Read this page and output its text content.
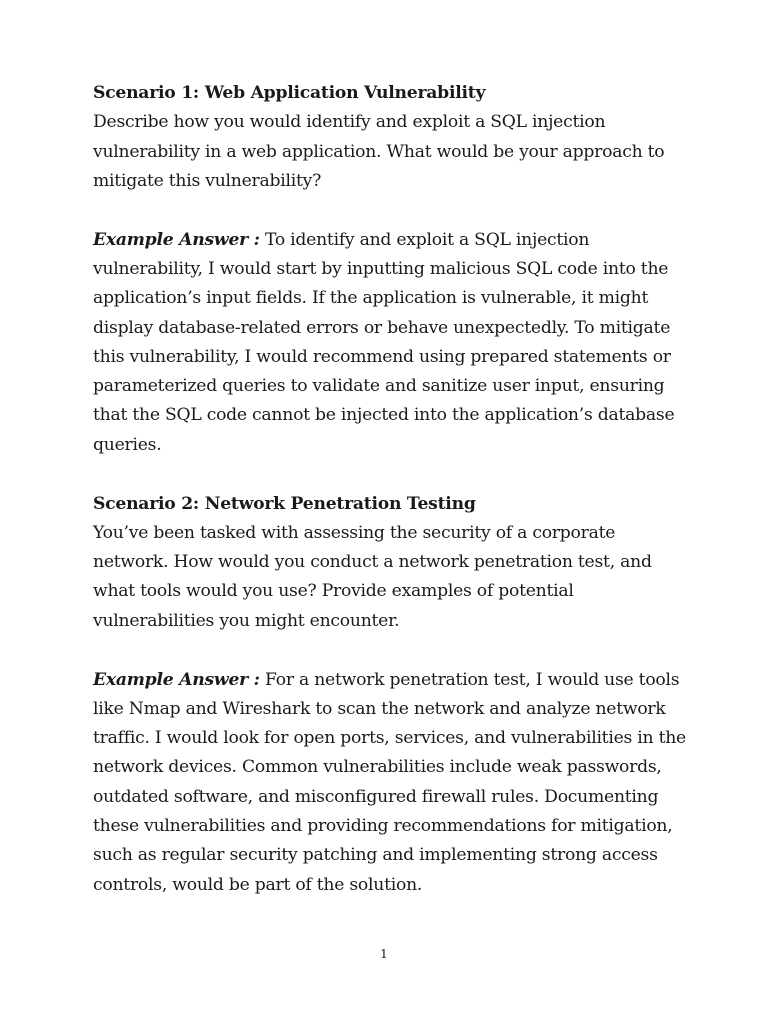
Scenario 1: Web Application Vulnerability

Describe how you would identify and exploit a SQL injection vulnerability in a web application. What would be your approach to mitigate this vulnerability?

Example Answer : To identify and exploit a SQL injection vulnerability, I would start by inputting malicious SQL code into the application’s input fields. If the application is vulnerable, it might display database-related errors or behave unexpectedly. To mitigate this vulnerability, I would recommend using prepared statements or parameterized queries to validate and sanitize user input, ensuring that the SQL code cannot be injected into the application’s database queries.

Scenario 2: Network Penetration Testing

You’ve been tasked with assessing the security of a corporate network. How would you conduct a network penetration test, and what tools would you use? Provide examples of potential vulnerabilities you might encounter.

Example Answer : For a network penetration test, I would use tools like Nmap and Wireshark to scan the network and analyze network traffic. I would look for open ports, services, and vulnerabilities in the network devices. Common vulnerabilities include weak passwords, outdated software, and misconfigured firewall rules. Documenting these vulnerabilities and providing recommendations for mitigation, such as regular security patching and implementing strong access controls, would be part of the solution.

1
